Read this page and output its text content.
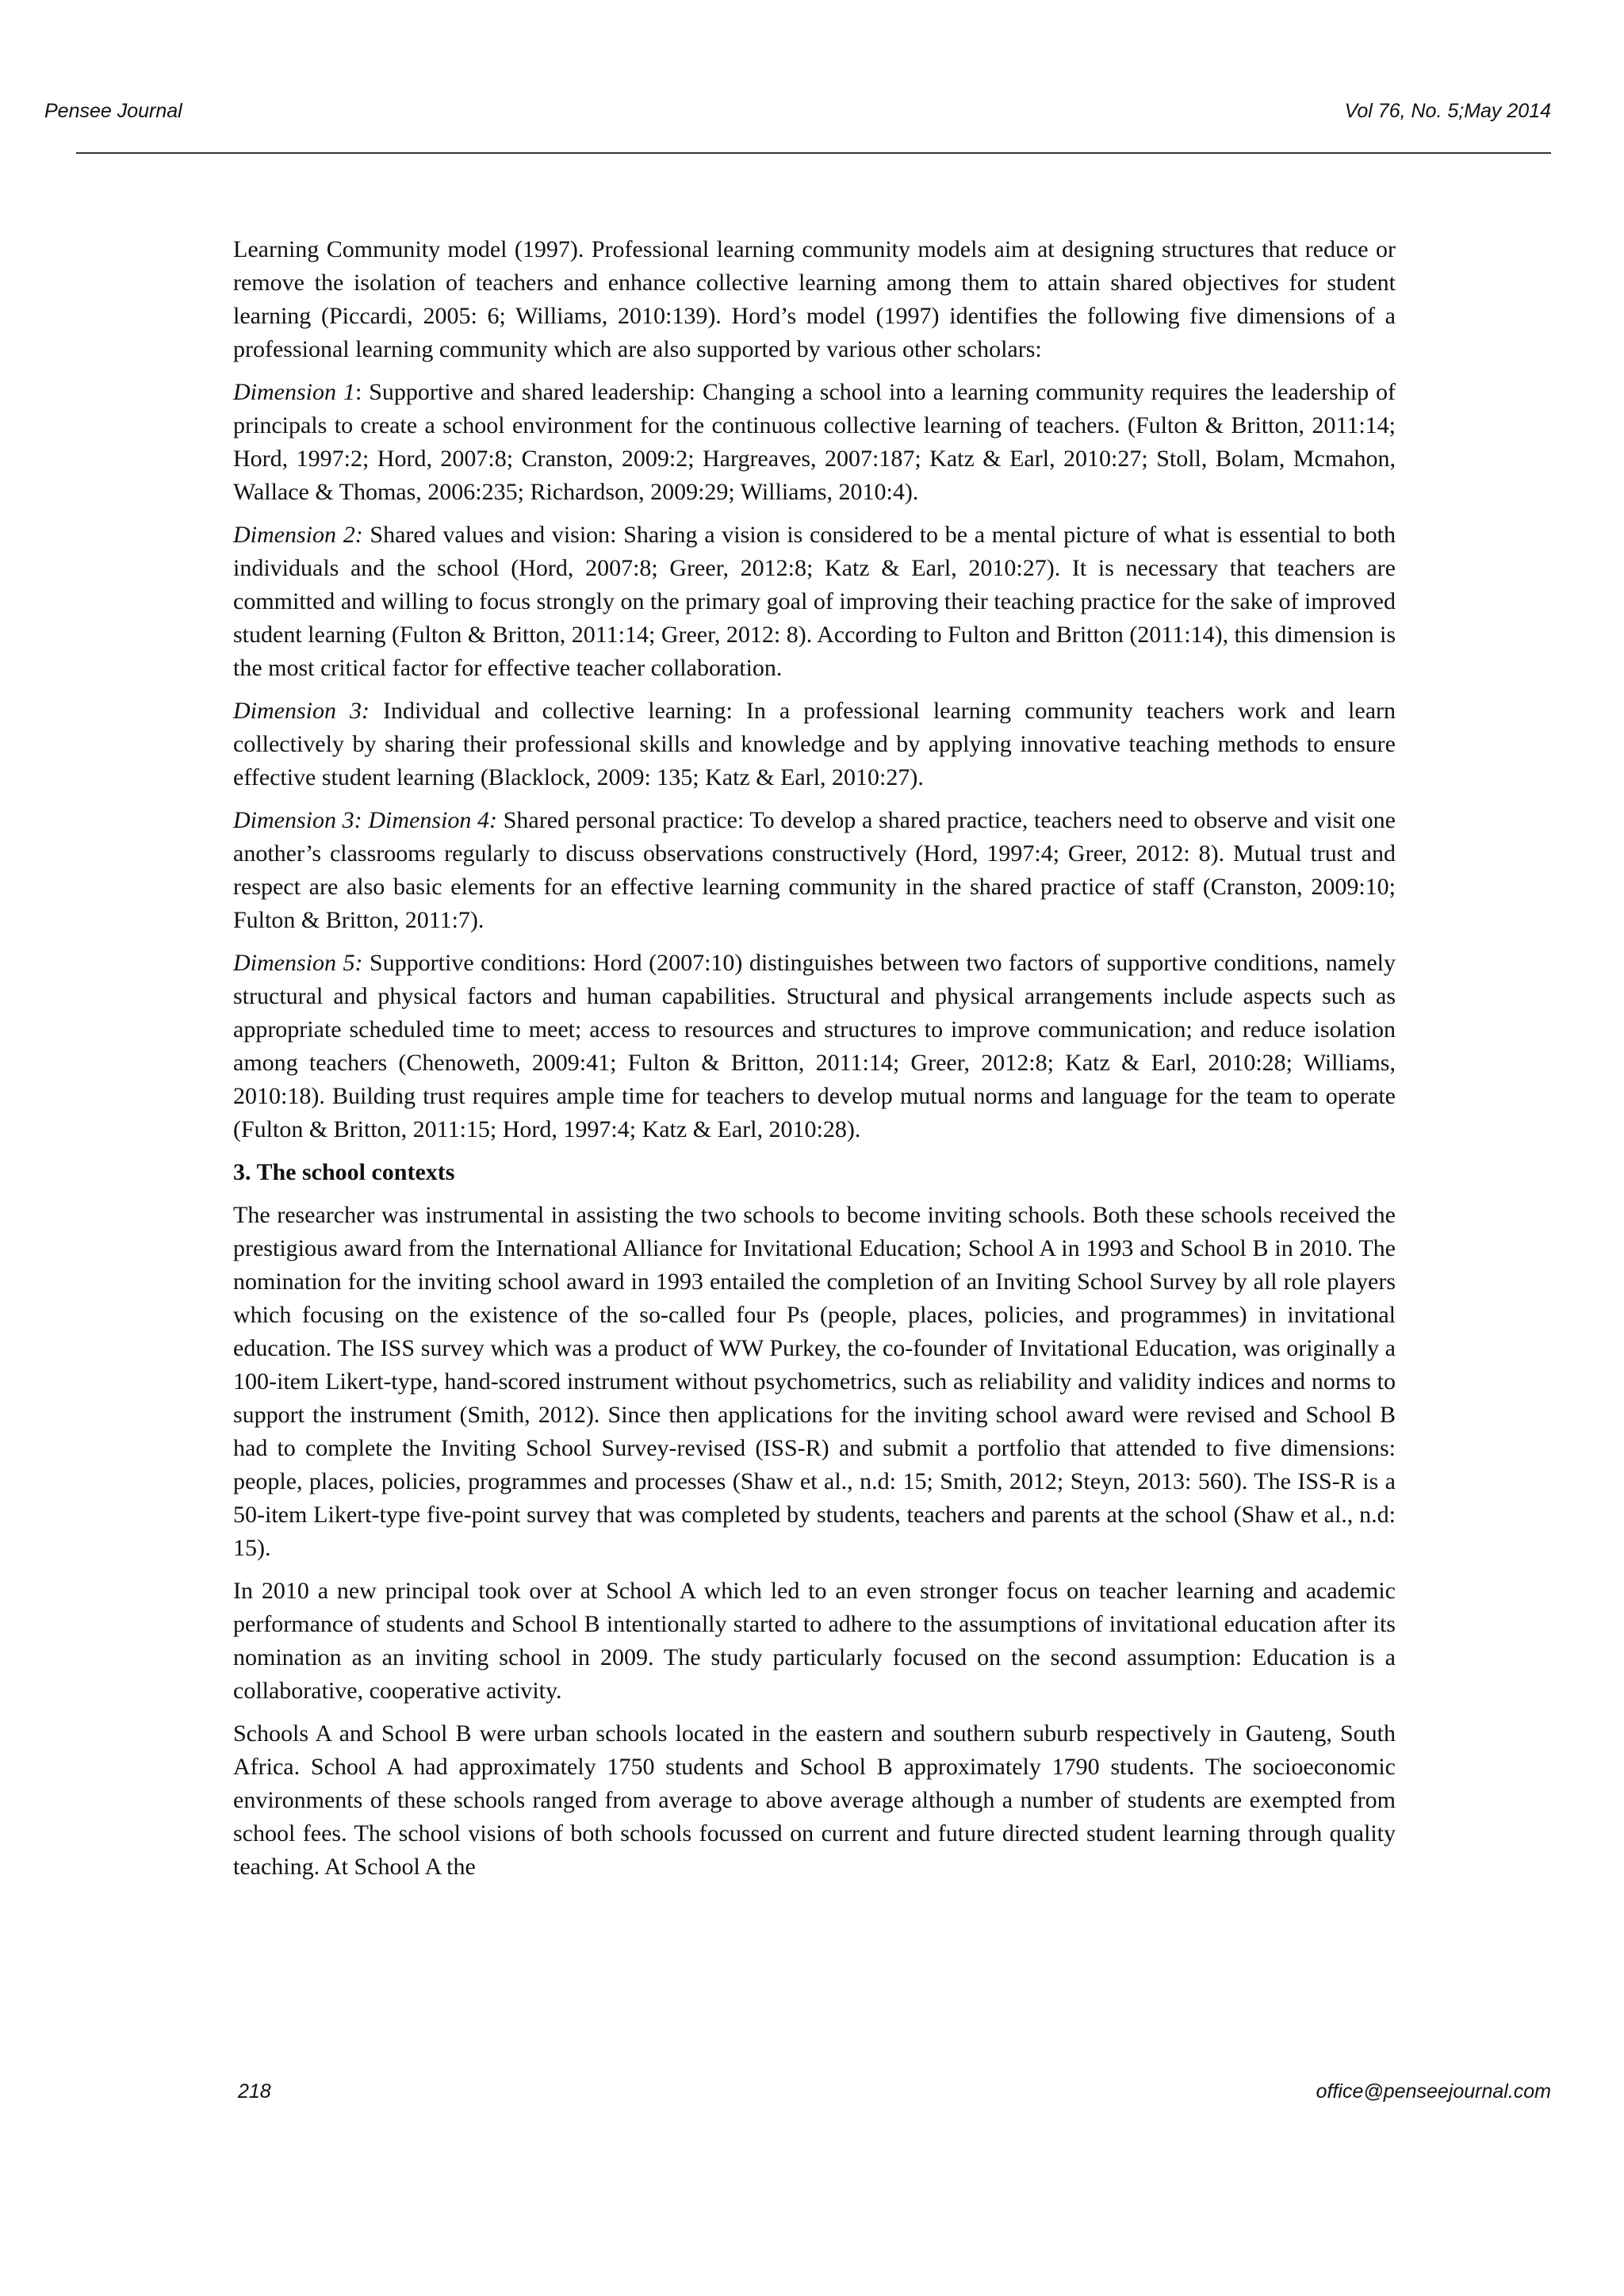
Pensee Journal	Vol 76, No. 5;May 2014

Learning Community model (1997). Professional learning community models aim at designing structures that reduce or remove the isolation of teachers and enhance collective learning among them to attain shared objectives for student learning (Piccardi, 2005: 6; Williams, 2010:139). Hord’s model (1997) identifies the following five dimensions of a professional learning community which are also supported by various other scholars:

Dimension 1: Supportive and shared leadership: Changing a school into a learning community requires the leadership of principals to create a school environment for the continuous collective learning of teachers. (Fulton & Britton, 2011:14; Hord, 1997:2; Hord, 2007:8; Cranston, 2009:2; Hargreaves, 2007:187; Katz & Earl, 2010:27; Stoll, Bolam, Mcmahon, Wallace & Thomas, 2006:235; Richardson, 2009:29; Williams, 2010:4).

Dimension 2: Shared values and vision: Sharing a vision is considered to be a mental picture of what is essential to both individuals and the school (Hord, 2007:8; Greer, 2012:8; Katz & Earl, 2010:27). It is necessary that teachers are committed and willing to focus strongly on the primary goal of improving their teaching practice for the sake of improved student learning (Fulton & Britton, 2011:14; Greer, 2012: 8). According to Fulton and Britton (2011:14), this dimension is the most critical factor for effective teacher collaboration.

Dimension 3: Individual and collective learning: In a professional learning community teachers work and learn collectively by sharing their professional skills and knowledge and by applying innovative teaching methods to ensure effective student learning (Blacklock, 2009: 135; Katz & Earl, 2010:27).

Dimension 3: Dimension 4: Shared personal practice: To develop a shared practice, teachers need to observe and visit one another’s classrooms regularly to discuss observations constructively (Hord, 1997:4; Greer, 2012: 8). Mutual trust and respect are also basic elements for an effective learning community in the shared practice of staff (Cranston, 2009:10; Fulton & Britton, 2011:7).

Dimension 5: Supportive conditions: Hord (2007:10) distinguishes between two factors of supportive conditions, namely structural and physical factors and human capabilities. Structural and physical arrangements include aspects such as appropriate scheduled time to meet; access to resources and structures to improve communication; and reduce isolation among teachers (Chenoweth, 2009:41; Fulton & Britton, 2011:14; Greer, 2012:8; Katz & Earl, 2010:28; Williams, 2010:18). Building trust requires ample time for teachers to develop mutual norms and language for the team to operate (Fulton & Britton, 2011:15; Hord, 1997:4; Katz & Earl, 2010:28).

3. The school contexts

The researcher was instrumental in assisting the two schools to become inviting schools. Both these schools received the prestigious award from the International Alliance for Invitational Education; School A in 1993 and School B in 2010. The nomination for the inviting school award in 1993 entailed the completion of an Inviting School Survey by all role players which focusing on the existence of the so-called four Ps (people, places, policies, and programmes) in invitational education. The ISS survey which was a product of WW Purkey, the co-founder of Invitational Education, was originally a 100-item Likert-type, hand-scored instrument without psychometrics, such as reliability and validity indices and norms to support the instrument (Smith, 2012). Since then applications for the inviting school award were revised and School B had to complete the Inviting School Survey-revised (ISS-R) and submit a portfolio that attended to five dimensions: people, places, policies, programmes and processes (Shaw et al., n.d: 15; Smith, 2012; Steyn, 2013: 560). The ISS-R is a 50-item Likert-type five-point survey that was completed by students, teachers and parents at the school (Shaw et al., n.d: 15).

In 2010 a new principal took over at School A which led to an even stronger focus on teacher learning and academic performance of students and School B intentionally started to adhere to the assumptions of invitational education after its nomination as an inviting school in 2009. The study particularly focused on the second assumption: Education is a collaborative, cooperative activity.

Schools A and School B were urban schools located in the eastern and southern suburb respectively in Gauteng, South Africa. School A had approximately 1750 students and School B approximately 1790 students. The socioeconomic environments of these schools ranged from average to above average although a number of students are exempted from school fees. The school visions of both schools focussed on current and future directed student learning through quality teaching. At School A the

218	office@penseejournal.com
